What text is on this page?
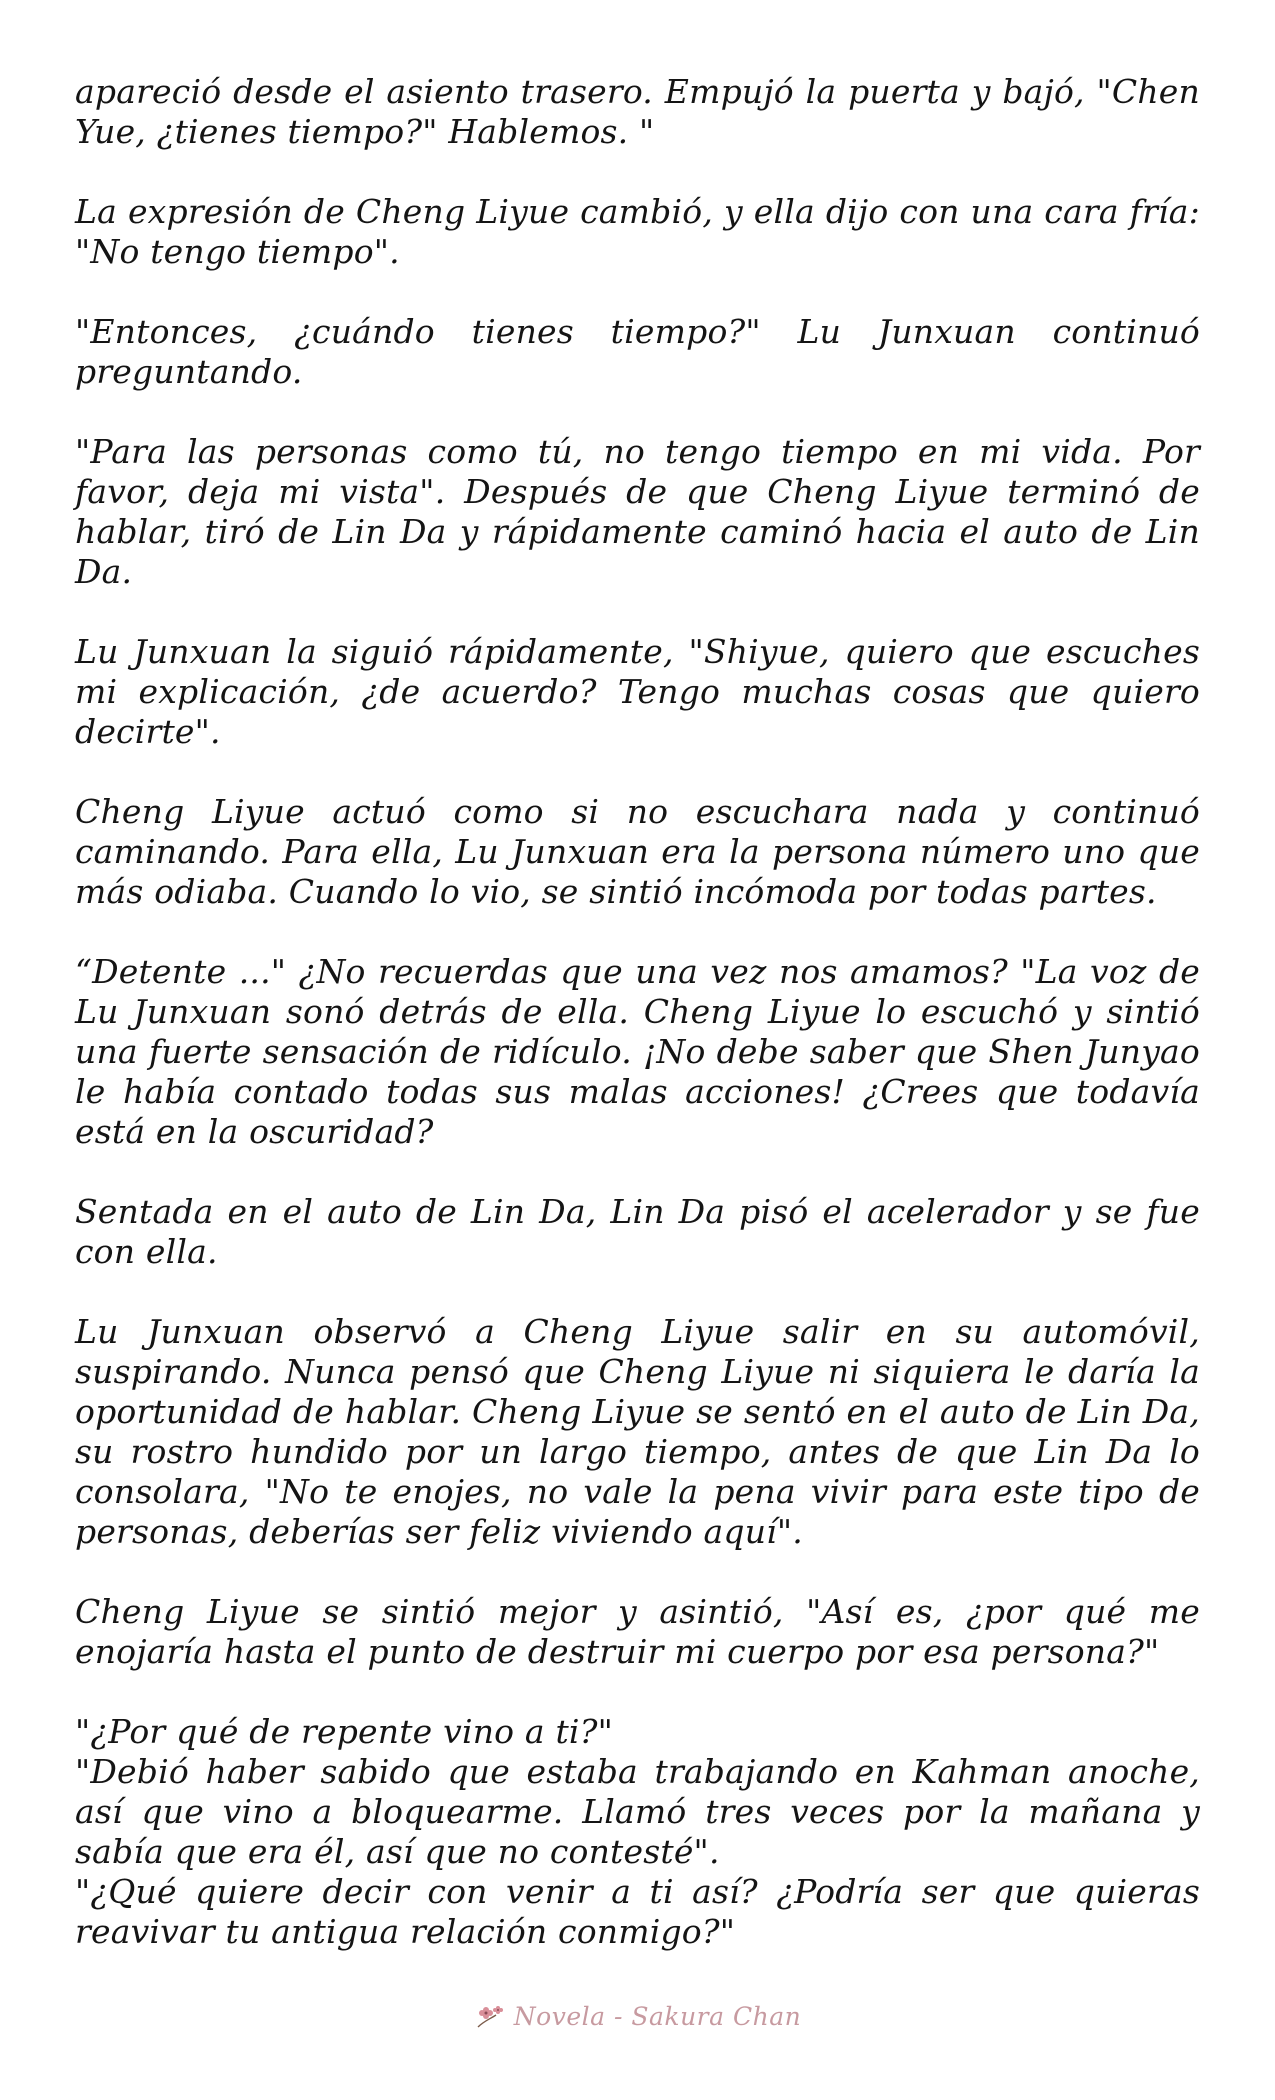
apareció desde el asiento trasero. Empujó la puerta y bajó, "Chen Yue, ¿tienes tiempo?" Hablemos. "

La expresión de Cheng Liyue cambió, y ella dijo con una cara fría: "No tengo tiempo".

"Entonces, ¿cuándo tienes tiempo?" Lu Junxuan continuó preguntando.

"Para las personas como tú, no tengo tiempo en mi vida. Por favor, deja mi vista". Después de que Cheng Liyue terminó de hablar, tiró de Lin Da y rápidamente caminó hacia el auto de Lin Da.

Lu Junxuan la siguió rápidamente, "Shiyue, quiero que escuches mi explicación, ¿de acuerdo? Tengo muchas cosas que quiero decirte".

Cheng Liyue actuó como si no escuchara nada y continuó caminando. Para ella, Lu Junxuan era la persona número uno que más odiaba. Cuando lo vio, se sintió incómoda por todas partes.

“Detente ..." ¿No recuerdas que una vez nos amamos? "La voz de Lu Junxuan sonó detrás de ella. Cheng Liyue lo escuchó y sintió una fuerte sensación de ridículo. ¡No debe saber que Shen Junyao le había contado todas sus malas acciones! ¿Crees que todavía está en la oscuridad?

Sentada en el auto de Lin Da, Lin Da pisó el acelerador y se fue con ella.

Lu Junxuan observó a Cheng Liyue salir en su automóvil, suspirando. Nunca pensó que Cheng Liyue ni siquiera le daría la oportunidad de hablar. Cheng Liyue se sentó en el auto de Lin Da, su rostro hundido por un largo tiempo, antes de que Lin Da lo consolara, "No te enojes, no vale la pena vivir para este tipo de personas, deberías ser feliz viviendo aquí".

Cheng Liyue se sintió mejor y asintió, "Así es, ¿por qué me enojaría hasta el punto de destruir mi cuerpo por esa persona?"

"¿Por qué de repente vino a ti?"

"Debió haber sabido que estaba trabajando en Kahman anoche, así que vino a bloquearme. Llamó tres veces por la mañana y sabía que era él, así que no contesté".

"¿Qué quiere decir con venir a ti así? ¿Podría ser que quieras reavivar tu antigua relación conmigo?"

Novela - Sakura Chan
